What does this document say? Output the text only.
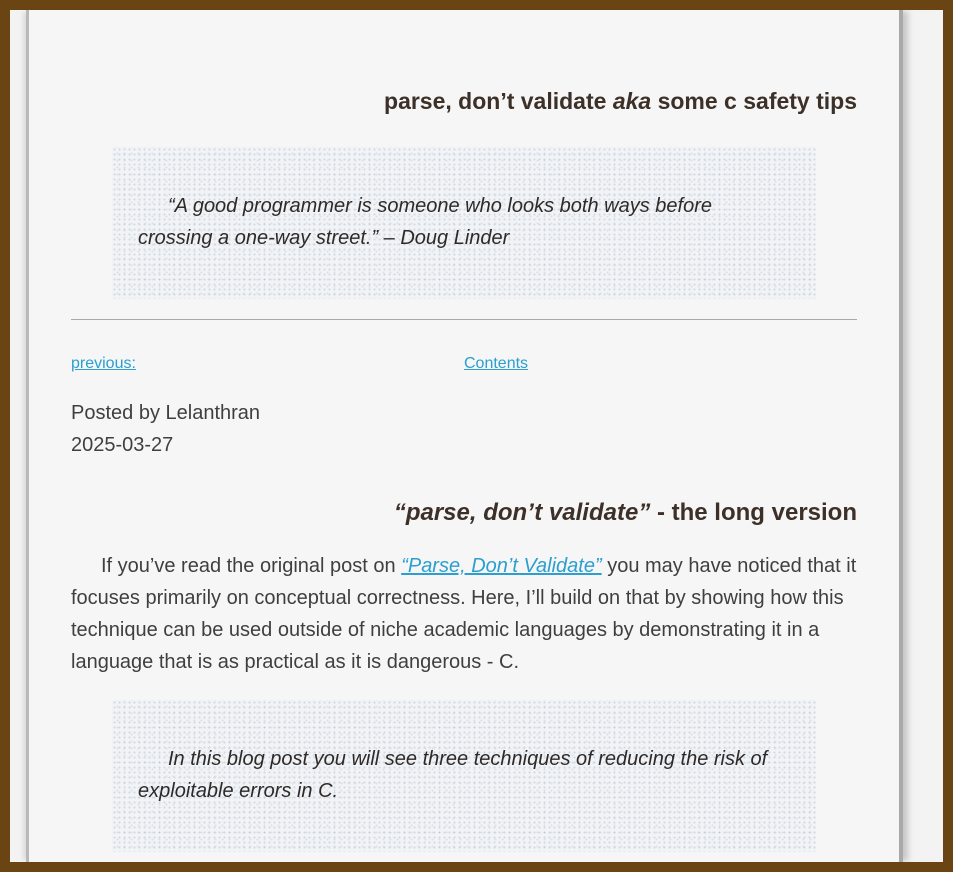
parse, don’t validate aka some c safety tips

“A good programmer is someone who looks both ways before crossing a one-way street.” – Doug Linder

previous:	Contents
Posted by Lelanthran
2025-03-27
“parse, don’t validate” - the long version

If you’ve read the original post on “Parse, Don’t Validate” you may have noticed that it focuses primarily on conceptual correctness. Here, I’ll build on that by showing how this technique can be used outside of niche academic languages by demonstrating it in a language that is as practical as it is dangerous - C.

In this blog post you will see three techniques of reducing the risk of exploitable errors in C.
